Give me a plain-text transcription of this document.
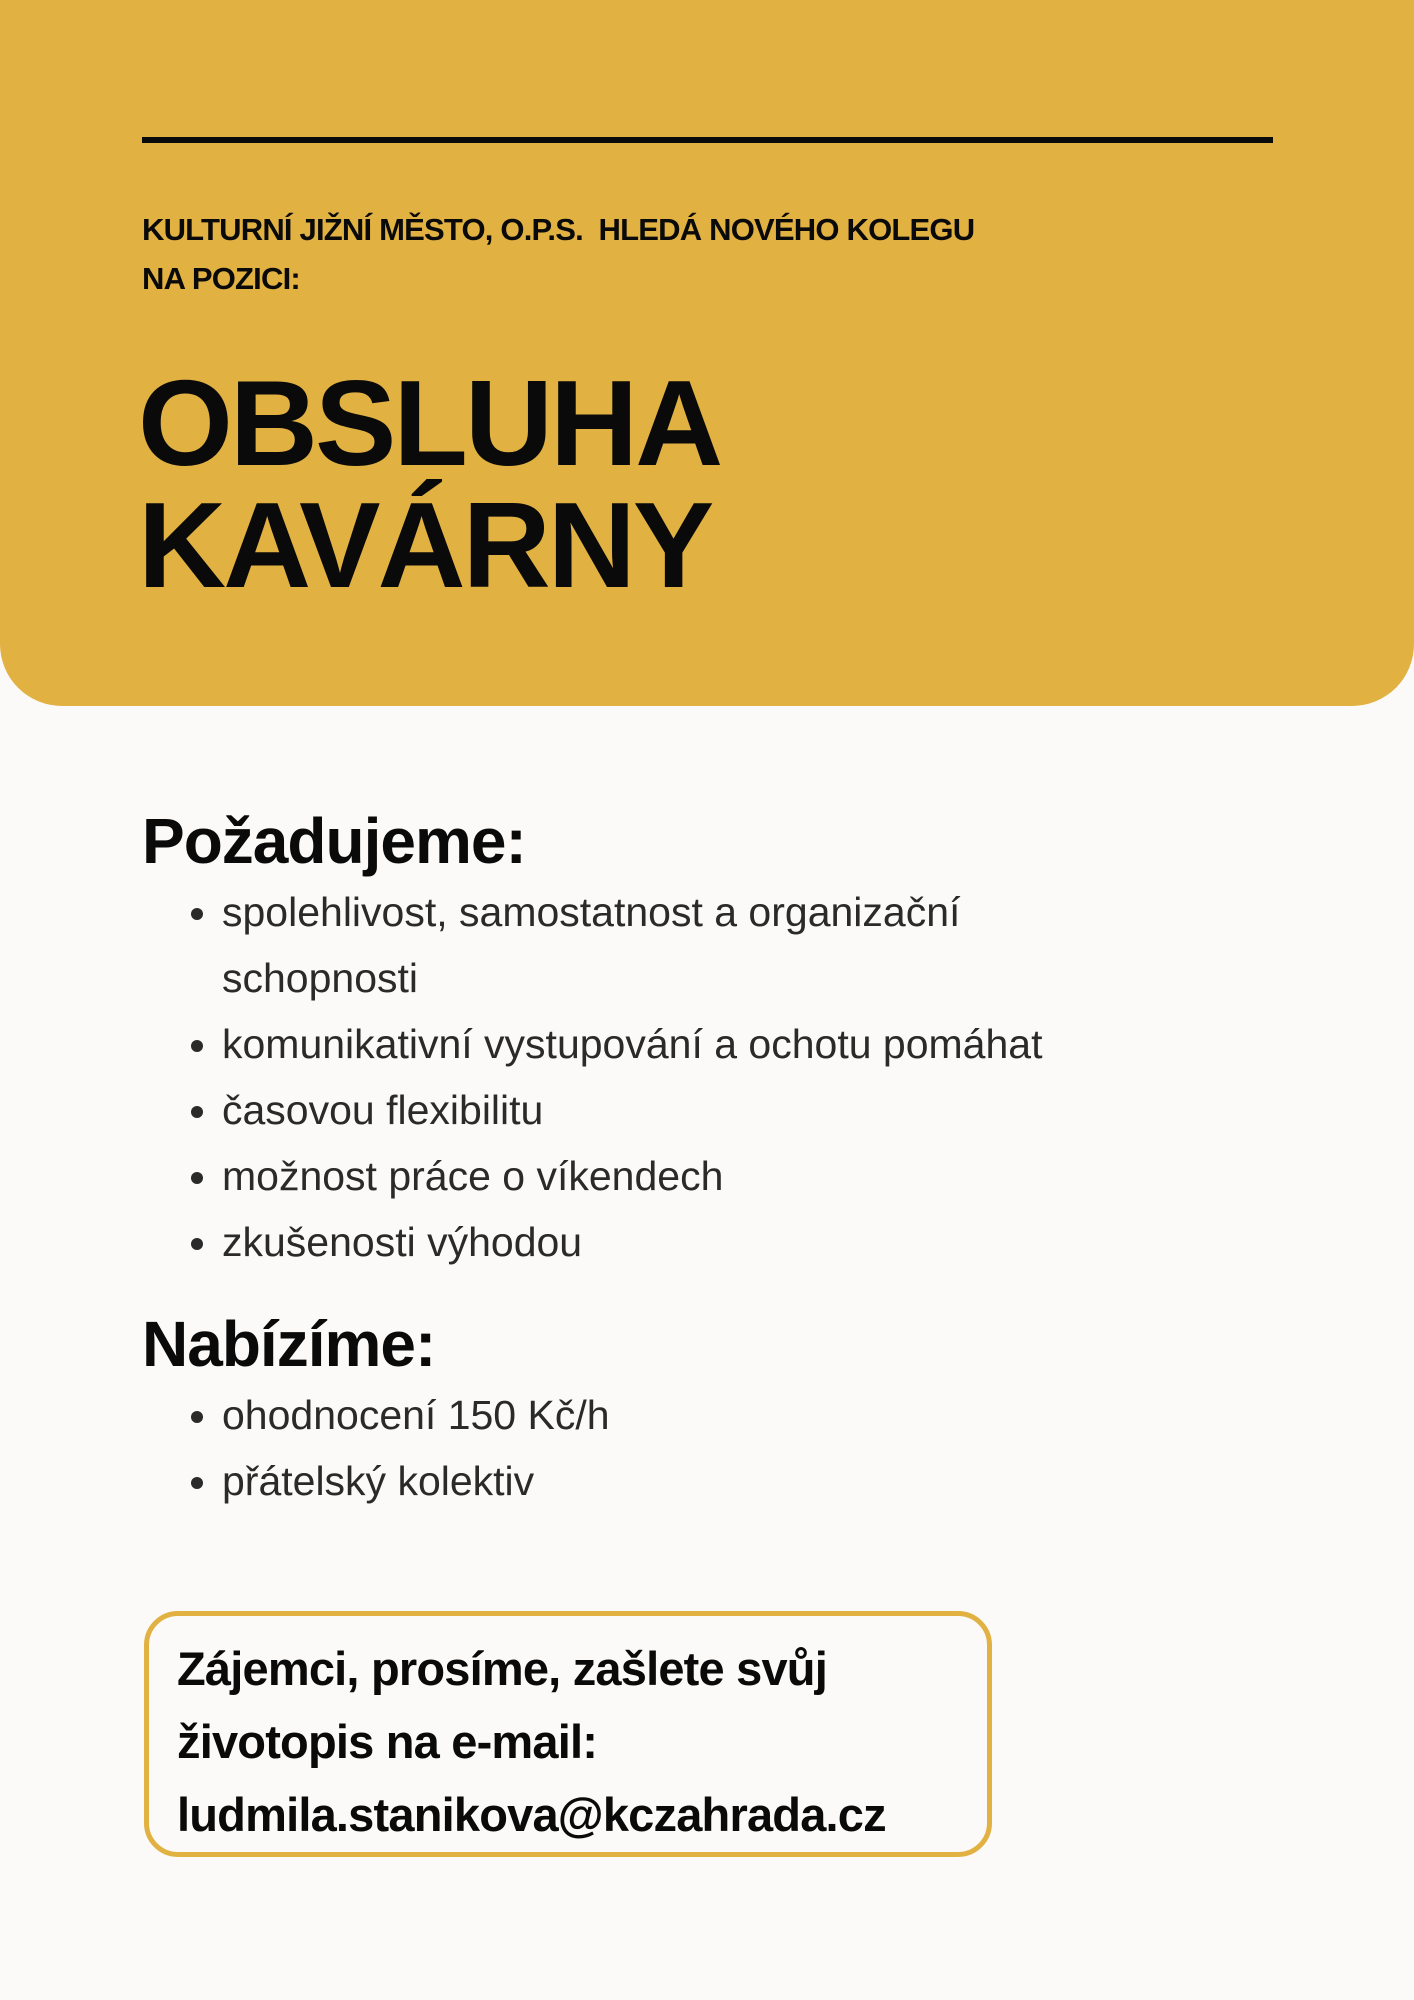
KULTURNÍ JIŽNÍ MĚSTO, O.P.S.  HLEDÁ NOVÉHO KOLEGU
NA POZICI:
OBSLUHA
KAVÁRNY
Požadujeme:
• spolehlivost, samostatnost a organizační schopnosti
• komunikativní vystupování a ochotu pomáhat
• časovou flexibilitu
• možnost práce o víkendech
• zkušenosti výhodou
Nabízíme:
• ohodnocení 150 Kč/h
• přátelský kolektiv

Zájemci, prosíme, zašlete svůj
životopis na e-mail:
ludmila.stanikova@kczahrada.cz
